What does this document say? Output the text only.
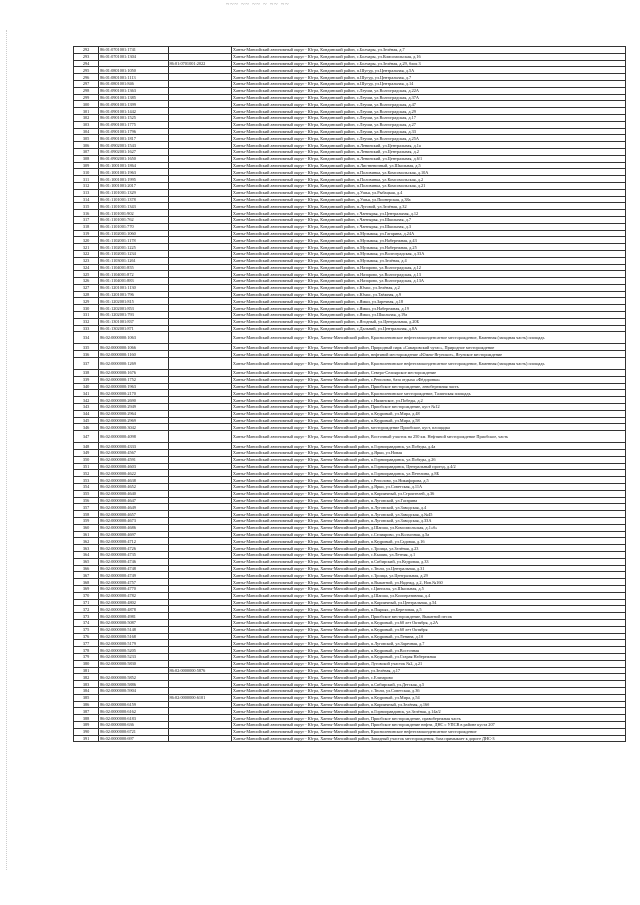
~~~ ~~ ~~ ~ ~~ ~~
292	86:01:0701001:1741		Ханты-Мансийский автономный округ - Югра, Кондинский район, с.Болчары, ул.Зелёная, д.7
293	86:01:0701001:1304		Ханты-Мансийский автономный округ - Югра, Кондинский район, с.Болчары, ул.Комсомольская, д.16
294		86:01:0701001:2022	Ханты-Мансийский автономный округ - Югра, Кондинский район, с.Болчары, ул.Зелёная, д.29, блок 3
295	86:01:0801001:1050		Ханты-Мансийский автономный округ - Югра, Кондинский район, п.Шугур, ул.Центральная, д.5А
296	86:01:0801001:1113		Ханты-Мансийский автономный округ - Югра, Кондинский район, п.Шугур, ул.Центральная, д.7
297	86:01:0801001:846		Ханты-Мансийский автономный округ - Югра, Кондинский район, п.Шугур, ул.Центральная, д.14
298	86:01:0901001:1363		Ханты-Мансийский автономный округ - Югра, Кондинский район, с.Леуши, ул.Волгоградская, д.22А
299	86:01:0901001:1385		Ханты-Мансийский автономный округ - Югра, Кондинский район, с.Леуши, ул.Волгоградская, д.37А
300	86:01:0901001:1399		Ханты-Мансийский автономный округ - Югра, Кондинский район, с.Леуши, ул.Волгоградская, д.47
301	86:01:0901001:1442		Ханты-Мансийский автономный округ - Югра, Кондинский район, с.Леуши, ул.Волгоградская, д.29
302	86:01:0901001:1525		Ханты-Мансийский автономный округ - Югра, Кондинский район, с.Леуши, ул.Волгоградская, д.17
303	86:01:0901001:1775		Ханты-Мансийский автономный округ - Югра, Кондинский район, с.Леуши, ул.Волгоградская, д.27
304	86:01:0901001:1796		Ханты-Мансийский автономный округ - Югра, Кондинский район, с.Леуши, ул.Волгоградская, д.33
305	86:01:0901001:1817		Ханты-Мансийский автономный округ - Югра, Кондинский район, с.Леуши, ул.Волгоградская, д.25А
306	86:01:0902001:1543		Ханты-Мансийский автономный округ - Югра, Кондинский район, п.Ленинский, ул.Центральная, д.1а
307	86:01:0902001:1627		Ханты-Мансийский автономный округ - Югра, Кондинский район, п.Ленинский, ул.Центральная, д.2
308	86:01:0902001:1650		Ханты-Мансийский автономный округ - Югра, Кондинский район, п.Ленинский, ул.Центральная, д.6/1
309	86:01:1001001:1864		Ханты-Мансийский автономный округ - Югра, Кондинский район, п.Лиственичный, ул.Школьная, д.5
310	86:01:1001001:1963		Ханты-Мансийский автономный округ - Югра, Кондинский район, п.Половинка, ул.Комсомольская, д.10А
311	86:01:1001001:1995		Ханты-Мансийский автономный округ - Югра, Кондинский район, п.Половинка, ул.Комсомольская, д.2
312	86:01:1001001:2017		Ханты-Мансийский автономный округ - Югра, Кондинский район, п.Половинка, ул.Комсомольская, д.21
313	86:01:1101001:1329		Ханты-Мансийский автономный округ - Югра, Кондинский район, д.Ушья, ул.Рыбацкая, д.4
314	86:01:1101001:1378		Ханты-Мансийский автономный округ - Югра, Кондинский район, д.Ушья, ул.Пионерская, д.38а
315	86:01:1101001:1343		Ханты-Мансийский автономный округ - Югра, Кондинский район, п.Луговой, ул.Зелёная, д.32
316	86:01:1101001:902		Ханты-Мансийский автономный округ - Югра, Кондинский район, с.Чантырья, ул.Центральная, д.12
317	86:01:1101001:762		Ханты-Мансийский автономный округ - Югра, Кондинский район, с.Чантырья, ул.Школьная, д.7
318	86:01:1101001:770		Ханты-Мансийский автономный округ - Югра, Кондинский район, с.Чантырья, ул.Школьная, д.3
319	86:01:1102001:1060		Ханты-Мансийский автономный округ - Югра, Кондинский район, п.Мулымья, ул.Гагарина, д.24А
320	86:01:1102001:1178		Ханты-Мансийский автономный округ - Югра, Кондинский район, п.Мулымья, ул.Набережная, д.43
321	86:01:1102001:1225		Ханты-Мансийский автономный округ - Югра, Кондинский район, п.Мулымья, ул.Набережная, д.25
322	86:01:1102001:1234		Ханты-Мансийский автономный округ - Югра, Кондинский район, п.Мулымья, ул.Волгоградская, д.33А
323	86:01:1103001:1261		Ханты-Мансийский автономный округ - Югра, Кондинский район, п.Мулымья, ул.Зелёная, д.4
324	86:01:1104001:855		Ханты-Мансийский автономный округ - Югра, Кондинский район, п.Назарово, ул.Волгоградская, д.12
325	86:01:1104001:872		Ханты-Мансийский автономный округ - Югра, Кондинский район, п.Назарово, ул.Волгоградская, д.13
326	86:01:1104001:883		Ханты-Мансийский автономный округ - Югра, Кондинский район, п.Назарово, ул.Волгоградская, д.13А
327	86:01:1201001:1130		Ханты-Мансийский автономный округ - Югра, Кондинский район, с.Юмас, ул.Зелёная, д.2
328	86:01:1201001:796		Ханты-Мансийский автономный округ - Югра, Кондинский район, с.Юмас, ул.Таёжная, д.9
329	86:01:1202001:815		Ханты-Мансийский автономный округ - Югра, Кондинский район, с.Ямки, ул.Заречная, д.18
330	86:01:1202001:853		Ханты-Мансийский автономный округ - Югра, Кондинский район, с.Ямки, ул.Набережная, д.19
331	86:01:1202001:793		Ханты-Мансийский автономный округ - Югра, Кондинский район, с.Ямки, ул.Школьная, д.19а
332	86:01:1301001:837		Ханты-Мансийский автономный округ - Югра, Кондинский район, с.Ягодный, ул.Центральная, д.20Б
333	86:01:1302001:871		Ханты-Мансийский автономный округ - Югра, Кондинский район, с.Дальний, ул.Центральная, д.8А
334	86:02:0000000:1063		Ханты-Мансийский автономный округ - Югра, Ханты-Мансийский район, Красноленинское нефтегазоконденсатное месторождение, Каменная (западная часть) площадь
335	86:02:0000000:1066		Ханты-Мансийский автономный округ - Югра, Ханты-Мансийский район, Природный парк «Самаровский чугас», Природное месторождение
336	86:02:0000000:1160		Ханты-Мансийский автономный округ - Югра, Ханты-Мансийский район, нефтяной месторождение «Южно-Ягунское», Ягунское месторождение
337	86:02:0000000:1269		Ханты-Мансийский автономный округ - Югра, Ханты-Мансийский район, Красноленинское нефтегазоконденсатное месторождение, Каменная (западная часть) площадь
338	86:02:0000000:1676		Ханты-Мансийский автономный округ - Югра, Ханты-Мансийский район, Северо-Селиярское месторождение
339	86:02:0000000:1752		Ханты-Мансийский автономный округ - Югра, Ханты-Мансийский район, с.Реполово, база отдыха «Фёдоровка»
340	86:02:0000000:1963		Ханты-Мансийский автономный округ - Югра, Ханты-Мансийский район, Приобское месторождение, левобережная часть
341	86:02:0000000:2170		Ханты-Мансийский автономный округ - Югра, Ханты-Мансийский район, Красноленинское месторождение, Талинская площадь
342	86:02:0000000:2690		Ханты-Мансийский автономный округ - Югра, Ханты-Мансийский район, с.Нялинское, ул.Победы, д.2
343	86:02:0000000:2949		Ханты-Мансийский автономный округ - Югра, Ханты-Мансийский район, Приобское месторождение, куст №12
344	86:02:0000000:2964		Ханты-Мансийский автономный округ - Югра, Ханты-Мансийский район, п.Кедровый, ул.Мира, д.48
345	86:02:0000000:2969		Ханты-Мансийский автономный округ - Югра, Ханты-Мансийский район, п.Кедровый, ул.Мира, д.58
346	86:02:0000000:3042		Ханты-Мансийский автономный округ - Югра, Ханты-Мансийский район, месторождение Приобское, куст, площадка
347	86:02:0000000:4098		Ханты-Мансийский автономный округ - Югра, Ханты-Мансийский район, Восточный участок на 250 км. Нефтяной месторождение Приобское, часть
348	86:02:0000000:4333		Ханты-Мансийский автономный округ - Югра, Ханты-Мансийский район, п.Горноправдинск, ул.Победы, д.4а
349	86:02:0000000:4567		Ханты-Мансийский автономный округ - Югра, Ханты-Мансийский район, д.Ярки, ул.Новая
350	86:02:0000000:4591		Ханты-Мансийский автономный округ - Югра, Ханты-Мансийский район, п.Горноправдинск, ул.Победы, д.26
351	86:02:0000000:4603		Ханты-Мансийский автономный округ - Югра, Ханты-Мансийский район, п.Горноправдинск, Центральный проезд, д.4/2
352	86:02:0000000:4622		Ханты-Мансийский автономный округ - Югра, Ханты-Мансийский район, п.Горноправдинск, ул.Петелина, д.8Б
353	86:02:0000000:4638		Ханты-Мансийский автономный округ - Югра, Ханты-Мансийский район, с.Реполово, ул.Никифорова, д.5
354	86:02:0000000:4652		Ханты-Мансийский автономный округ - Югра, Ханты-Мансийский район, д.Ярки, ул.Советская, д.11А
355	86:02:0000000:4640		Ханты-Мансийский автономный округ - Югра, Ханты-Мансийский район, п.Кирпичный, ул.Строителей, д.36
356	86:02:0000000:4647		Ханты-Мансийский автономный округ - Югра, Ханты-Мансийский район, п.Луговской, ул.Гагарина
357	86:02:0000000:4649		Ханты-Мансийский автономный округ - Югра, Ханты-Мансийский район, п.Луговской, ул.Заводская, д.4
358	86:02:0000000:4657		Ханты-Мансийский автономный округ - Югра, Ханты-Мансийский район, п.Луговской, ул.Заводская, д.№45
359	86:02:0000000:4673		Ханты-Мансийский автономный округ - Югра, Ханты-Мансийский район, п.Луговской, ул.Заводская, д.33А
360	86:02:0000000:4686		Ханты-Мансийский автономный округ - Югра, Ханты-Мансийский район, д.Шапша, ул.Комсомольская, д.1«б»
361	86:02:0000000:4697		Ханты-Мансийский автономный округ - Югра, Ханты-Мансийский район, с.Селиярово, ул.Колхозная, д.5а
362	86:02:0000000:4712		Ханты-Мансийский автономный округ - Югра, Ханты-Мансийский район, п.Кедровый, ул.Садовая, д.16
363	86:02:0000000:4726		Ханты-Мансийский автономный округ - Югра, Ханты-Мансийский район, с.Троица, ул.Зелёная, д.23
364	86:02:0000000:4735		Ханты-Мансийский автономный округ - Югра, Ханты-Мансийский район, с.Кышик, ул.Летняя, д.1
365	86:02:0000000:4746		Ханты-Мансийский автономный округ - Югра, Ханты-Мансийский район, п.Сибирский, ул.Кедровая, д.33
366	86:02:0000000:4748		Ханты-Мансийский автономный округ - Югра, Ханты-Мансийский район, с.Тюли, ул.Центральная, д.31
367	86:02:0000000:4749		Ханты-Мансийский автономный округ - Югра, Ханты-Мансийский район, с.Троица, ул.Центральная, д.29
368	86:02:0000000:4757		Ханты-Мансийский автономный округ - Югра, Ханты-Мансийский район, п.Выкатной, ул.Надежд, д.2, Нов.№160
369	86:02:0000000:4770		Ханты-Мансийский автономный округ - Югра, Ханты-Мансийский район, с.Цингалы, ул.Школьная, д.5
370	86:02:0000000:4782		Ханты-Мансийский автономный округ - Югра, Ханты-Мансийский район, д.Шапша, ул.Кооперативная, д.4
371	86:02:0000000:4802		Ханты-Мансийский автономный округ - Югра, Ханты-Мансийский район, п.Кирпичный, ул.Центральная, д.54
372	86:02:0000000:4878		Ханты-Мансийский автономный округ - Югра, Ханты-Мансийский район, п.Пырьях, ул.Березовая, д.5
373	86:02:0000000:4981		Ханты-Мансийский автономный округ - Югра, Ханты-Мансийский район, Приобское месторождение, Выкатной песок
374	86:02:0000000:5087		Ханты-Мансийский автономный округ - Югра, Ханты-Мансийский район, п.Кедровый, ул.60 лет Октября, д.2А
375	86:02:0000000:5148		Ханты-Мансийский автономный округ - Югра, Ханты-Мансийский район, п.Кедровый, ул.60 лет Октября
376	86:02:0000000:5168		Ханты-Мансийский автономный округ - Югра, Ханты-Мансийский район, п.Кедровый, ул.Ленина, д.1б
377	86:02:0000000:5179		Ханты-Мансийский автономный округ - Югра, Ханты-Мансийский район, п.Луговской, ул.Заречная, д.7
378	86:02:0000000:5205		Ханты-Мансийский автономный округ - Югра, Ханты-Мансийский район, п.Кедровый, ул.Восточная
379	86:02:0000000:5233		Ханты-Мансийский автономный округ - Югра, Ханты-Мансийский район, п.Кедровый, ул.Старая Набережная
380	86:02:0000000:5830		Ханты-Мансийский автономный округ - Югра, Ханты-Мансийский район, Луговской участок №2, д.21
381		86:02:0000000:5876	Ханты-Мансийский автономный округ - Югра, Ханты-Мансийский район, ул.Зелёная, д.17
382	86:02:0000000:5852		Ханты-Мансийский автономный округ - Югра, Ханты-Мансийский район, с.Елизарово
383	86:02:0000000:5886		Ханты-Мансийский автономный округ - Югра, Ханты-Мансийский район, п.Сибирский, ул.Детская, д.5
384	86:02:0000000:5904		Ханты-Мансийский автономный округ - Югра, Ханты-Мансийский район, с.Тюли, ул.Советская, д.36
385		86:02:0000000:6101	Ханты-Мансийский автономный округ - Югра, Ханты-Мансийский район, п.Кедровый, ул.Мира, д.54
386	86:02:0000000:6159		Ханты-Мансийский автономный округ - Югра, Ханты-Мансийский район, п.Кирпичный, ул.Зелёная, д.16б
387	86:02:0000000:6162		Ханты-Мансийский автономный округ - Югра, Ханты-Мансийский район, п.Горноправдинск, ул.Зелёная, д.14а/2
388	86:02:0000000:6183		Ханты-Мансийский автономный округ - Югра, Ханты-Мансийский район, Приобское месторождение, правобережная часть
389	86:02:0000000:636		Ханты-Мансийский автономный округ - Югра, Ханты-Мансийский район, Приобское месторождение нефти, ДНС с УПСВ в районе куста 207
390	86:02:0000000:6721		Ханты-Мансийский автономный округ - Югра, Ханты-Мансийский район, Красноленинское нефтегазоконденсатное месторождение
391	86:02:0000000:697		Ханты-Мансийский автономный округ - Югра, Ханты-Мансийский район, Западный участок месторождения, база примыкает к дороге ДНС-3
